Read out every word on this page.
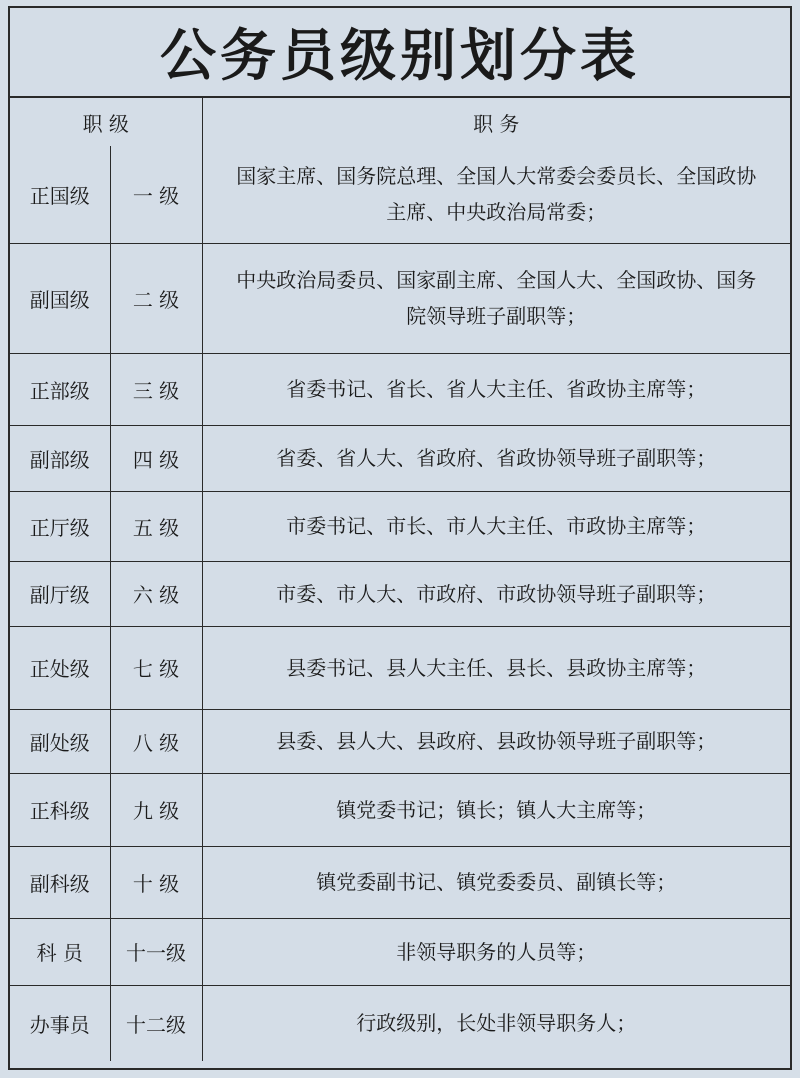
公务员级别划分表
职 级		职 务
正国级	一 级	国家主席、国务院总理、全国人大常委会委员长、全国政协主席、中央政治局常委；
副国级	二 级	中央政治局委员、国家副主席、全国人大、全国政协、国务院领导班子副职等；
正部级	三 级	省委书记、省长、省人大主任、省政协主席等；
副部级	四 级	省委、省人大、省政府、省政协领导班子副职等；
正厅级	五 级	市委书记、市长、市人大主任、市政协主席等；
副厅级	六 级	市委、市人大、市政府、市政协领导班子副职等；
正处级	七 级	县委书记、县人大主任、县长、县政协主席等；
副处级	八 级	县委、县人大、县政府、县政协领导班子副职等；
正科级	九 级	镇党委书记；镇长；镇人大主席等；
副科级	十 级	镇党委副书记、镇党委委员、副镇长等；
科 员	十一级	非领导职务的人员等；
办事员	十二级	行政级别，长处非领导职务人；
